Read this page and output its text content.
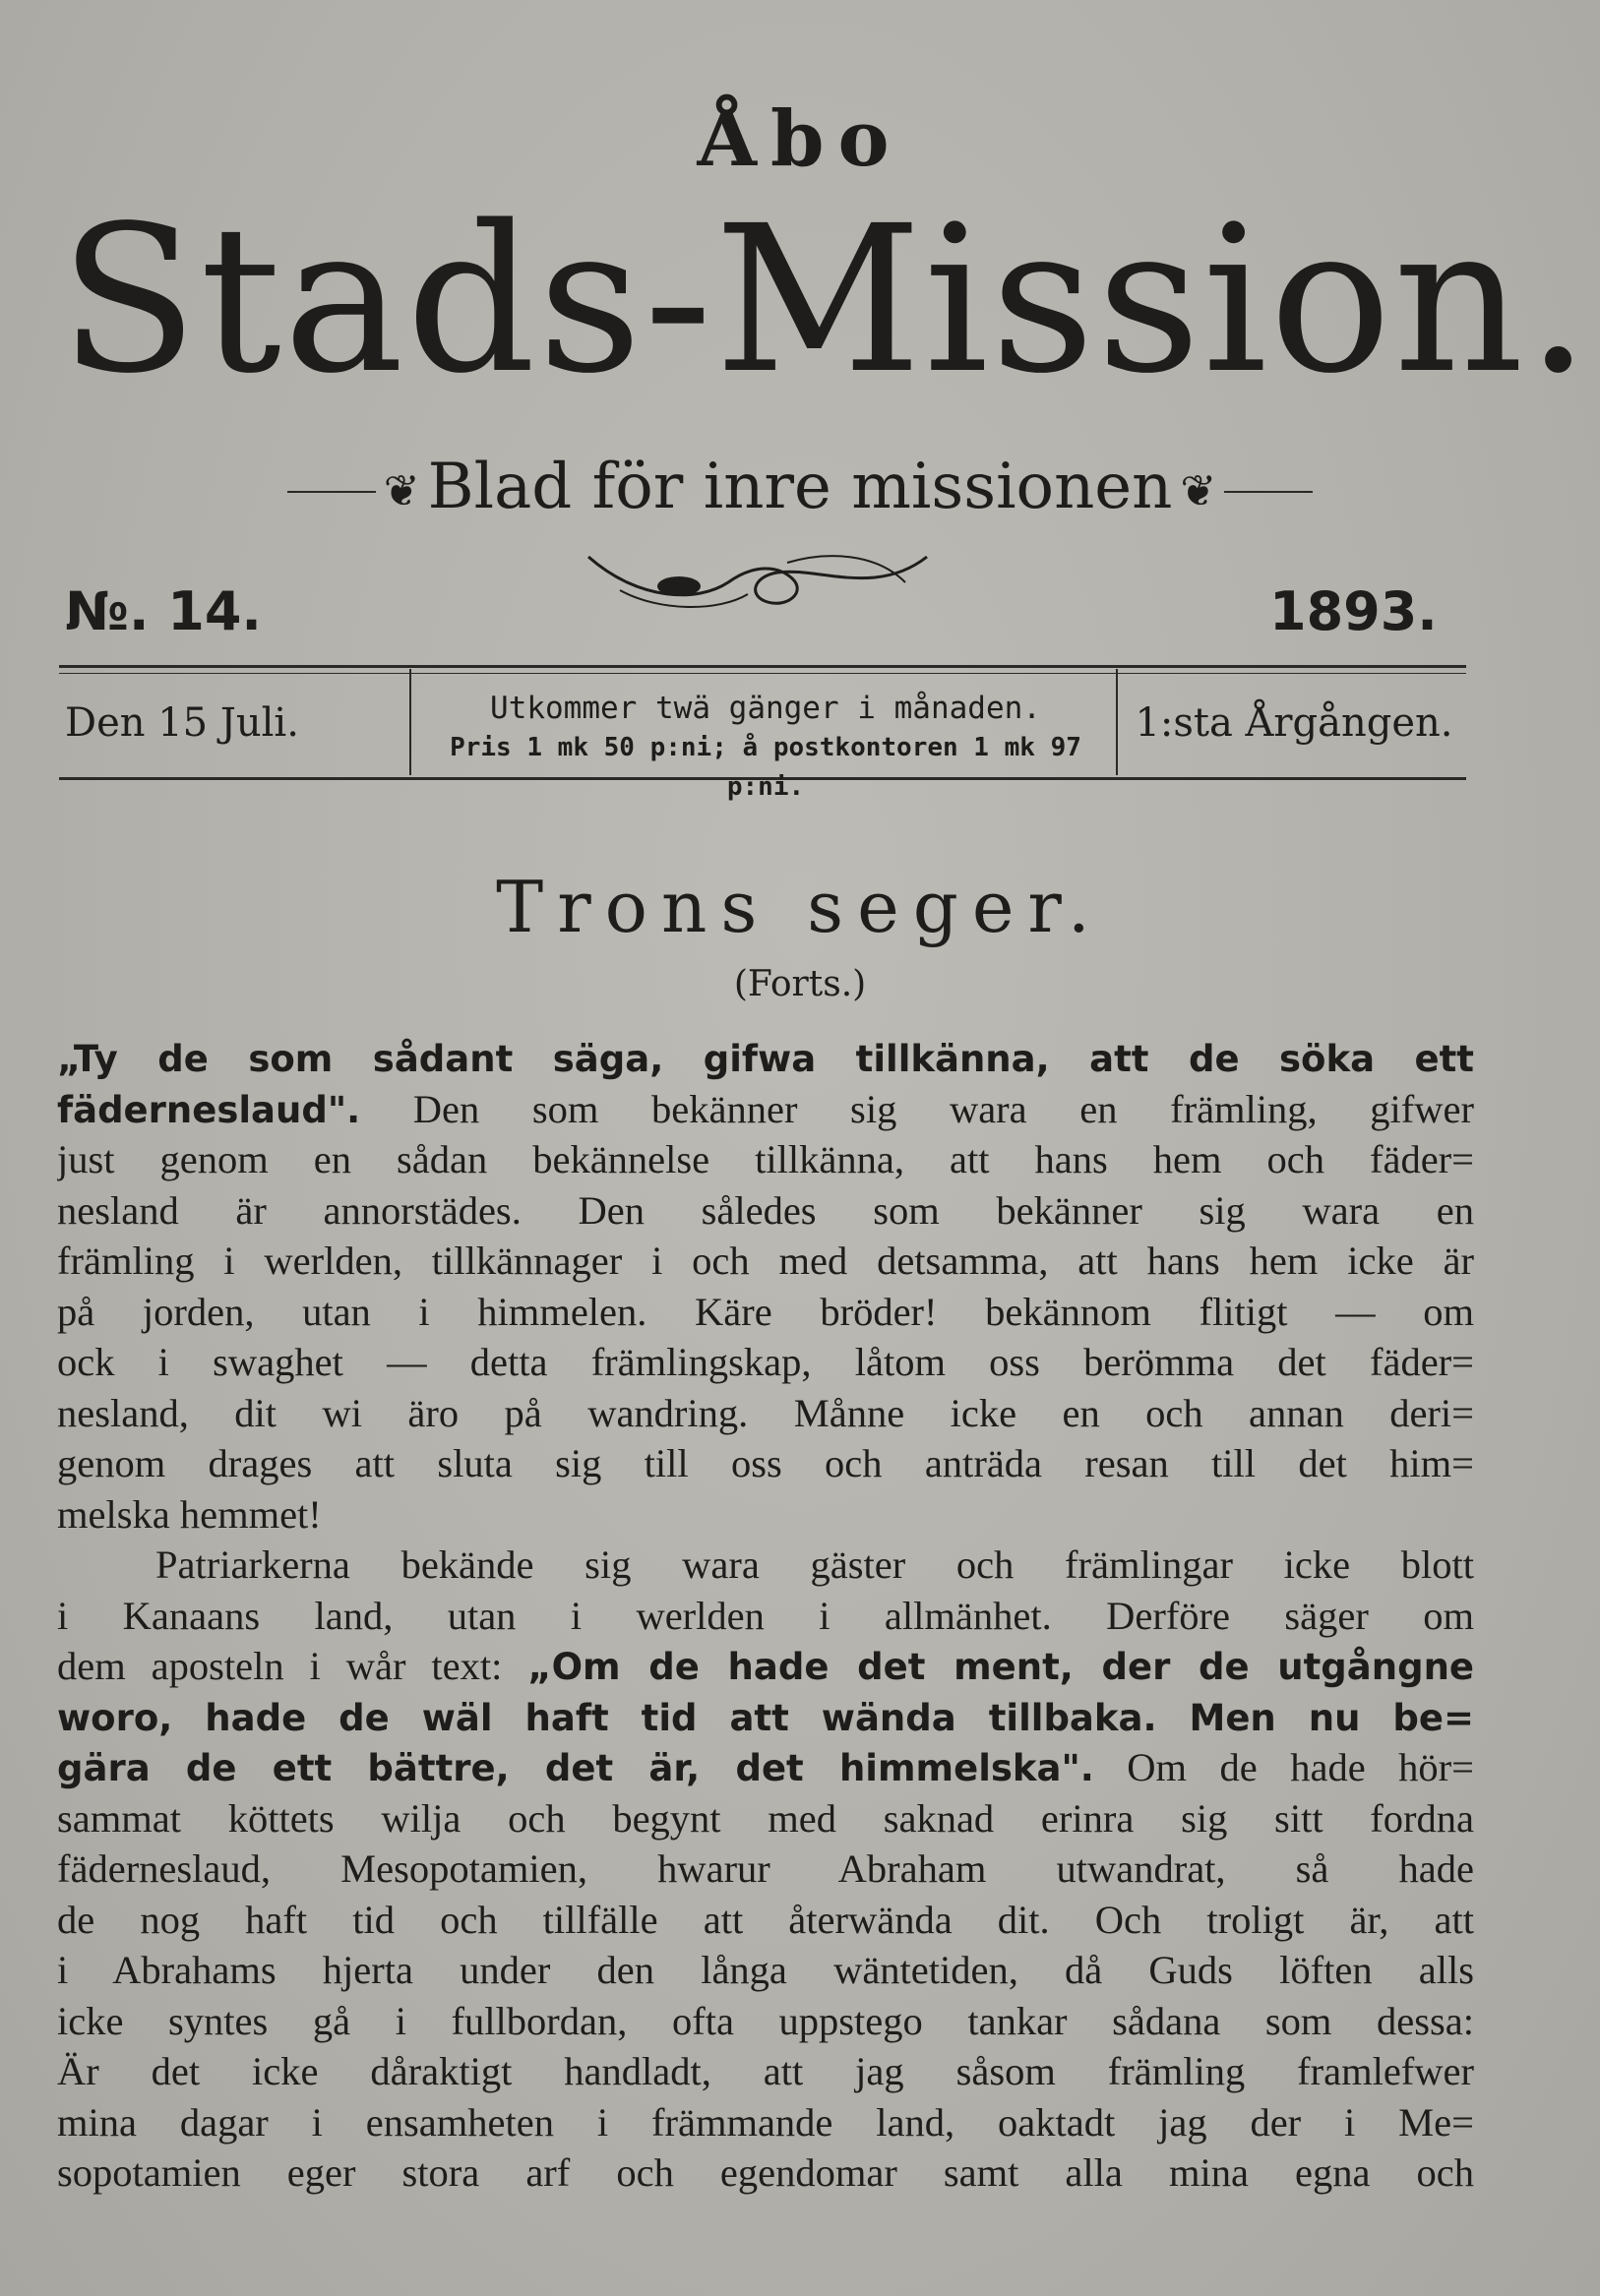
Åbo
Stads-Mission.
❦ Blad för inre missionen ❦
№. 14.	1893.
Den 15 Juli.	Utkommer twä gänger i månaden.
Pris 1 mk 50 p:ni; å postkontoren 1 mk 97 p:ni.
1:sta Årgången.
Trons seger.
(Forts.)
„Ty de som sådant säga, gifwa tillkänna, att de söka ett
fäderneslaud". Den som bekänner sig wara en främling, gifwer
just genom en sådan bekännelse tillkänna, att hans hem och fäder=
nesland är annorstädes. Den således som bekänner sig wara en
främling i werlden, tillkännager i och med detsamma, att hans hem icke är
på jorden, utan i himmelen. Käre bröder! bekännom flitigt — om
ock i swaghet — detta främlingskap, låtom oss berömma det fäder=
nesland, dit wi äro på wandring. Månne icke en och annan deri=
genom drages att sluta sig till oss och anträda resan till det him=
melska hemmet!
Patriarkerna bekände sig wara gäster och främlingar icke blott
i Kanaans land, utan i werlden i allmänhet. Derföre säger om
dem aposteln i wår text: „Om de hade det ment, der de utgångne
woro, hade de wäl haft tid att wända tillbaka. Men nu be=
gära de ett bättre, det är, det himmelska". Om de hade hör=
sammat köttets wilja och begynt med saknad erinra sig sitt fordna
fäderneslaud, Mesopotamien, hwarur Abraham utwandrat, så hade
de nog haft tid och tillfälle att återwända dit. Och troligt är, att
i Abrahams hjerta under den långa wäntetiden, då Guds löften alls
icke syntes gå i fullbordan, ofta uppstego tankar sådana som dessa:
Är det icke dåraktigt handladt, att jag såsom främling framlefwer
mina dagar i ensamheten i främmande land, oaktadt jag der i Me=
sopotamien eger stora arf och egendomar samt alla mina egna och
